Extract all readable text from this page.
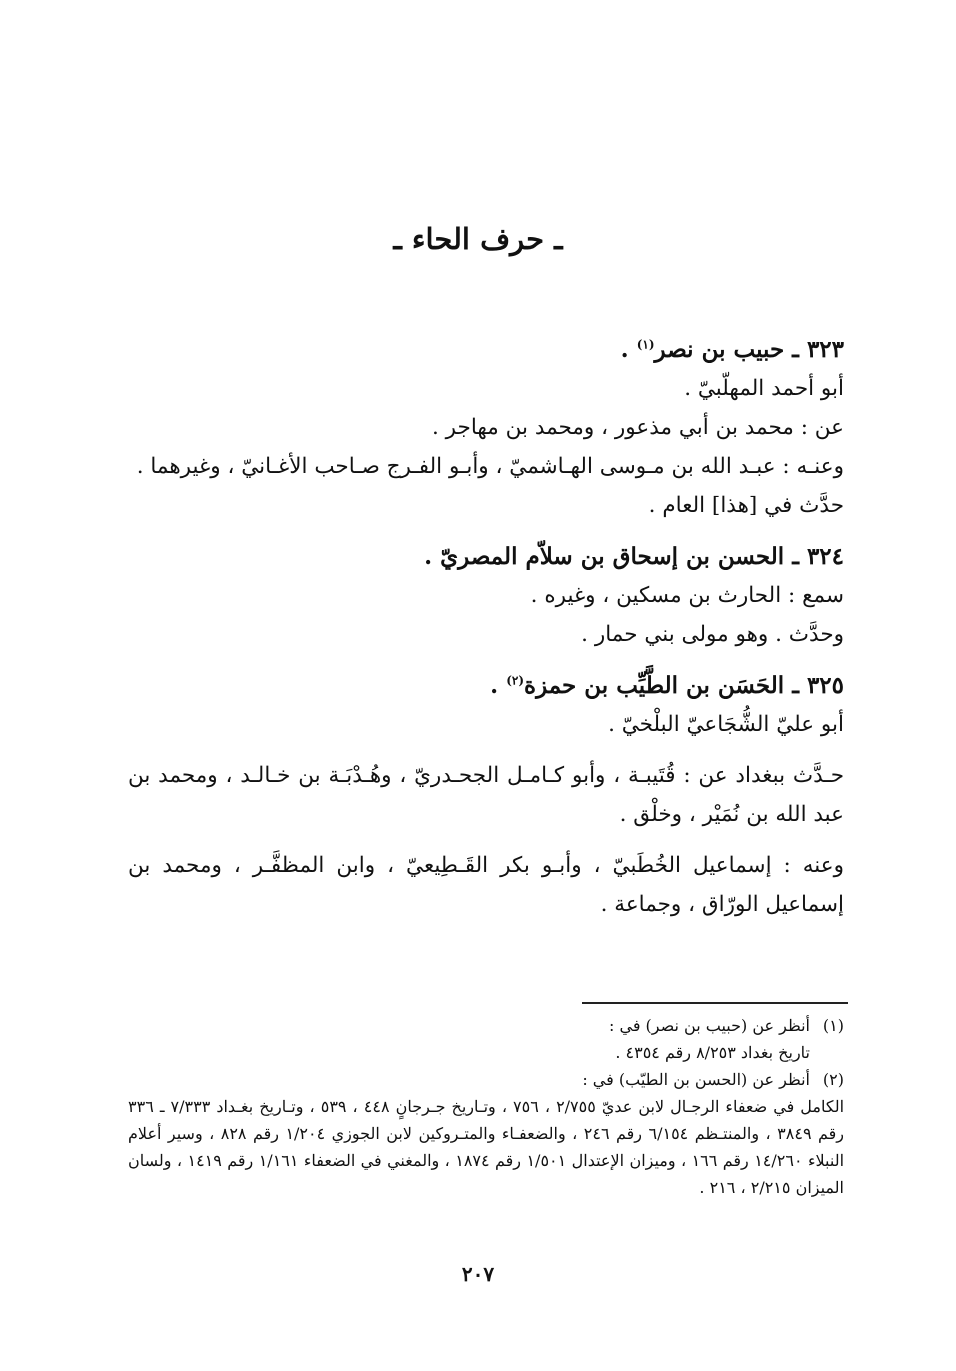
ـ حرف الحاء ـ
٣٢٣ ـ حبيب بن نصر$^{(١)}$ .
أبو أحمد المهلّبيّ .
عن : محمد بن أبي مذعور ، ومحمد بن مهاجر .
وعنـه : عبـد الله بن مـوسى الهـاشميّ ، وأبـو الفـرج صـاحب الأغـانيّ ، وغيرهما .
حدَّث في [هذا] العام .
٣٢٤ ـ الحسن بن إسحاق بن سلاّم المصريّ .
سمع : الحارث بن مسكين ، وغيره .
وحدَّث . وهو مولى بني حمار .
٣٢٥ ـ الحَسَن بن الطَّيِّب بن حمزة$^{(٢)}$ .
أبو عليّ الشُّجَاعيّ البلْخيّ .
حـدَّث ببغداد عن : قُتَيبـة ، وأبو كـامـل الجحـدريّ ، وهُـدْبَـة بن خـالـد ، ومحمد بن عبد الله بن نُمَيْر ، وخلْق .
وعنه : إسماعيل الخُطَبيّ ، وأبـو بكر القَـطِيعيّ ، وابن المظفَّـر ، ومحمد بن إسماعيل الورّاق ، وجماعة .
(١)أنظر عن (حبيب بن نصر) في :
تاريخ بغداد ٨/٢٥٣ رقم ٤٣٥٤ .
(٢)أنظر عن (الحسن بن الطيّب) في :
الكامل في ضعفاء الرجـال لابن عديّ ٢/٧٥٥ ، ٧٥٦ ، وتـاريخ جـرجانٍ ٤٤٨ ، ٥٣٩ ، وتـاريخ بغـداد ٧/٣٣٣ ـ ٣٣٦ رقم ٣٨٤٩ ، والمنتـظم ٦/١٥٤ رقم ٢٤٦ ، والضعفـاء والمتـروكين لابن الجوزي ١/٢٠٤ رقم ٨٢٨ ، وسير أعلام النبلاء ١٤/٢٦٠ رقم ١٦٦ ، وميزان الإعتدال ١/٥٠١ رقم ١٨٧٤ ، والمغني في الضعفاء ١/١٦١ رقم ١٤١٩ ، ولسان الميزان ٢/٢١٥ ، ٢١٦ .
٢٠٧
